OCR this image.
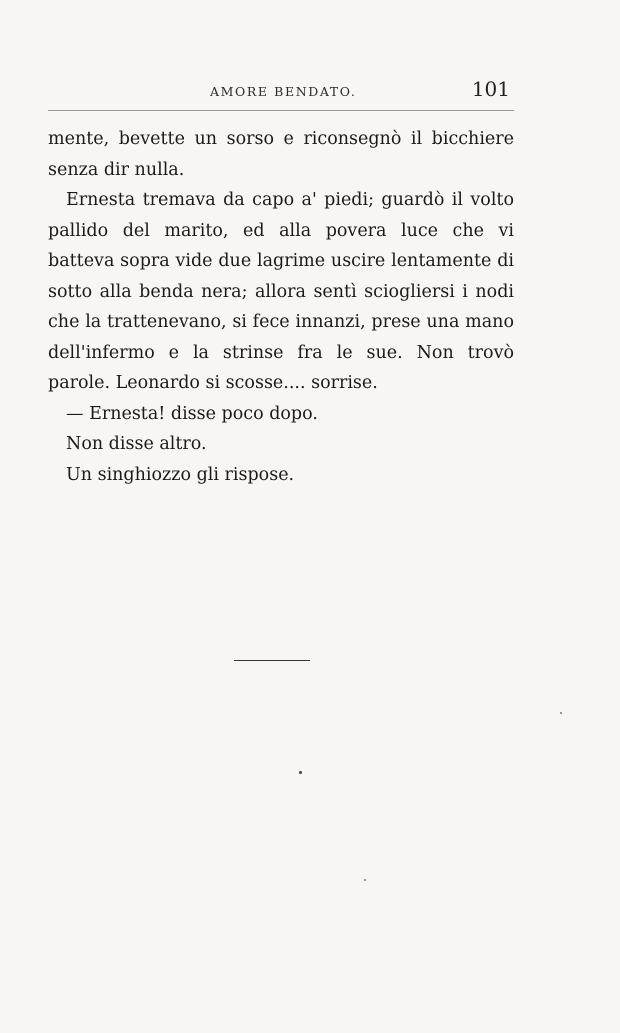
AMORE BENDATO.	101

mente, bevette un sorso e riconsegnò il bicchiere senza dir nulla.

Ernesta tremava da capo a' piedi; guardò il volto pallido del marito, ed alla povera luce che vi batteva sopra vide due lagrime uscire lentamente di sotto alla benda nera; allora sentì sciogliersi i nodi che la trattenevano, si fece innanzi, prese una mano dell'infermo e la strinse fra le sue. Non trovò parole. Leonardo si scosse.... sorrise.

— Ernesta! disse poco dopo.

Non disse altro.

Un singhiozzo gli rispose.
